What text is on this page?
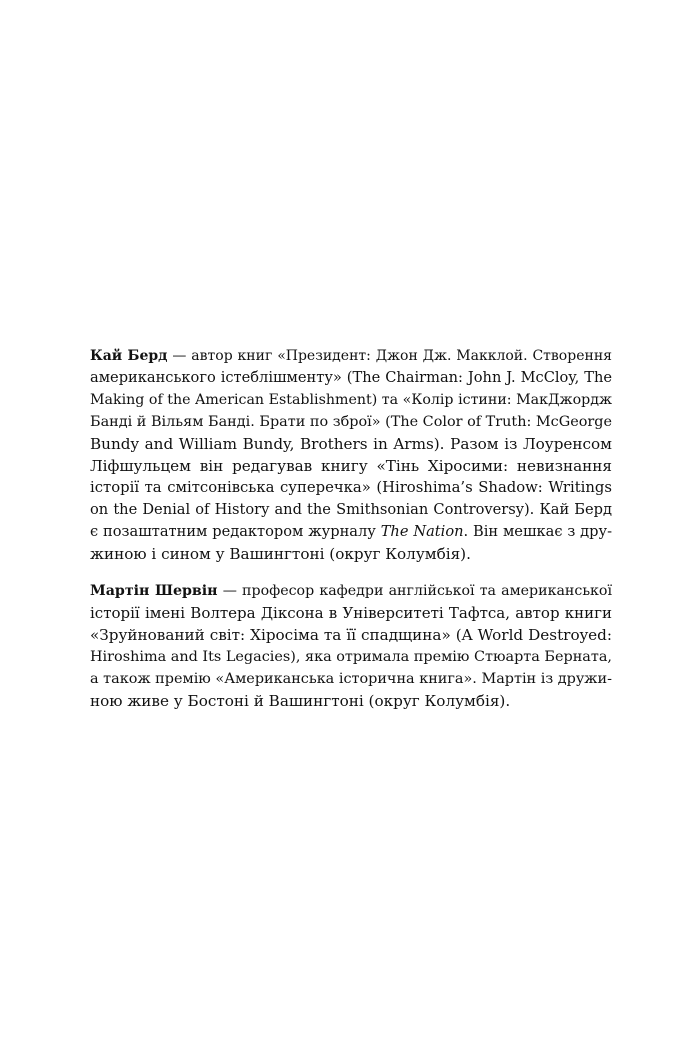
Кай Берд — автор книг «Президент: Джон Дж. Макклой. Створення
американського істеблішменту» (The Chairman: John J. McCloy, The
Making of the American Establishment) та «Колір істини: МакДжордж
Банді й Вільям Банді. Брати по зброї» (The Color of Truth: McGeorge
Bundy and William Bundy, Brothers in Arms). Разом із Лоуренсом
Ліфшульцем він редагував книгу «Тінь Хіросими: невизнання
історії та смітсонівська суперечка» (Hiroshima’s Shadow: Writings
on the Denial of History and the Smithsonian Controversy). Кай Берд
є позаштатним редактором журналу The Nation. Він мешкає з дру-
жиною і сином у Вашингтоні (округ Колумбія).
Мартін Шервін — професор кафедри англійської та американської
історії імені Волтера Діксона в Університеті Тафтса, автор книги
«Зруйнований світ: Хіросіма та її спадщина» (A World Destroyed:
Hiroshima and Its Legacies), яка отримала премію Стюарта Берната,
а також премію «Американська історична книга». Мартін із дружи-
ною живе у Бостоні й Вашингтоні (округ Колумбія).
